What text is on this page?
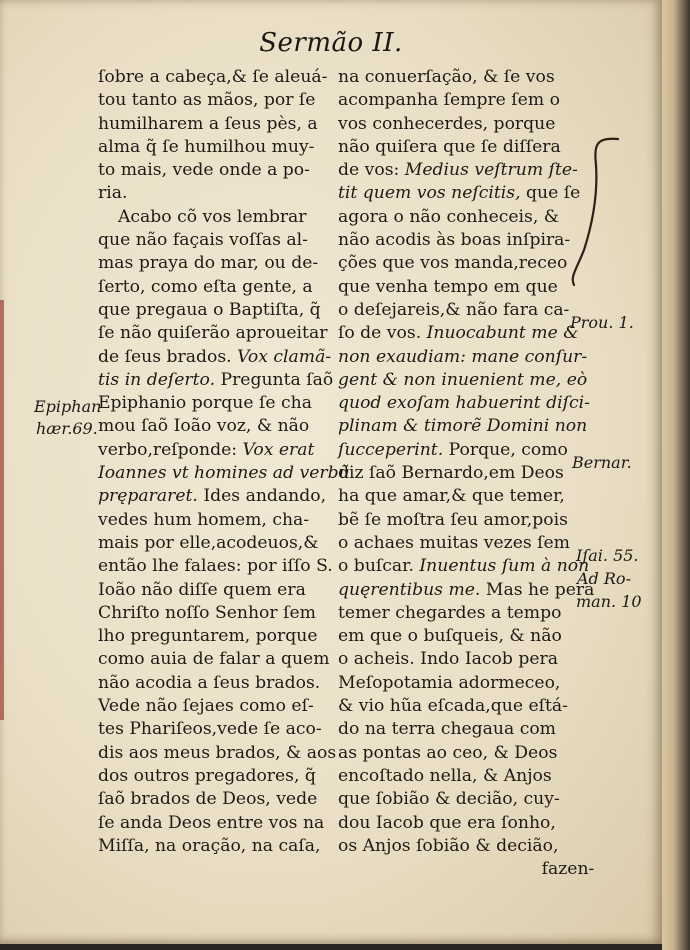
Sermão II.
ſobre a cabeça,& ſe aleuá-
tou tanto as mãos, por ſe
humilharem a ſeus pès, a
alma q̃ ſe humilhou muy-
to mais, vede onde a po-
ria.
Acabo cõ vos lembrar
que não façais voſſas al-
mas praya do mar, ou de-
ſerto, como eſta gente, a
que pregaua o Baptiſta, q̃
ſe não quiſerão aproueitar
de ſeus brados. Vox clamã-
tis in deſerto. Pregunta ſaõ
Epiphanio porque ſe cha
mou ſaõ Ioão voz, & não
verbo,reſponde: Vox erat
Ioannes vt homines ad verbũ
prępararet. Ides andando,
vedes hum homem, cha-
mais por elle,acodeuos,&
então lhe falaes: por iſſo S.
Ioão não diſſe quem era
Chriſto noſſo Senhor ſem
lho preguntarem, porque
como auia de falar a quem
não acodia a ſeus brados.
Vede não ſejaes como eſ-
tes Phariſeos,vede ſe aco-
dis aos meus brados, & aos
dos outros pregadores, q̃
ſaõ brados de Deos, vede
ſe anda Deos entre vos na
Miſſa, na oração, na caſa,
na conuerſação, & ſe vos
acompanha ſempre ſem o
vos conhecerdes, porque
não quiſera que ſe diſſera
de vos: Medius veſtrum ſte-
tit quem vos neſcitis, que ſe
agora o não conheceis, &
não acodis às boas inſpira-
ções que vos manda,receo
que venha tempo em que
o deſejareis,& não fara ca-
ſo de vos. Inuocabunt me &
non exaudiam: mane conſur-
gent & non inuenient me, eò
quod exoſam habuerint diſci-
plinam & timorẽ Domini non
ſucceperint. Porque, como
diz ſaõ Bernardo,em Deos
ha que amar,& que temer,
bẽ ſe moſtra ſeu amor,pois
o achaes muitas vezes ſem
o buſcar. Inuentus ſum à non
quęrentibus me. Mas he pera
temer chegardes a tempo
em que o buſqueis, & não
o acheis. Indo Iacob pera
Meſopotamia adormeceo,
& vio hũa eſcada,que eſtá-
do na terra chegaua com
as pontas ao ceo, & Deos
encoſtado nella, & Anjos
que ſobião & decião, cuy-
dou Iacob que era ſonho,
os Anjos ſobião & decião,
fazen-
Epiphan
hær.69.
Prou. 1.
Bernar.
Iſai. 55.
Ad Ro-
man. 10
